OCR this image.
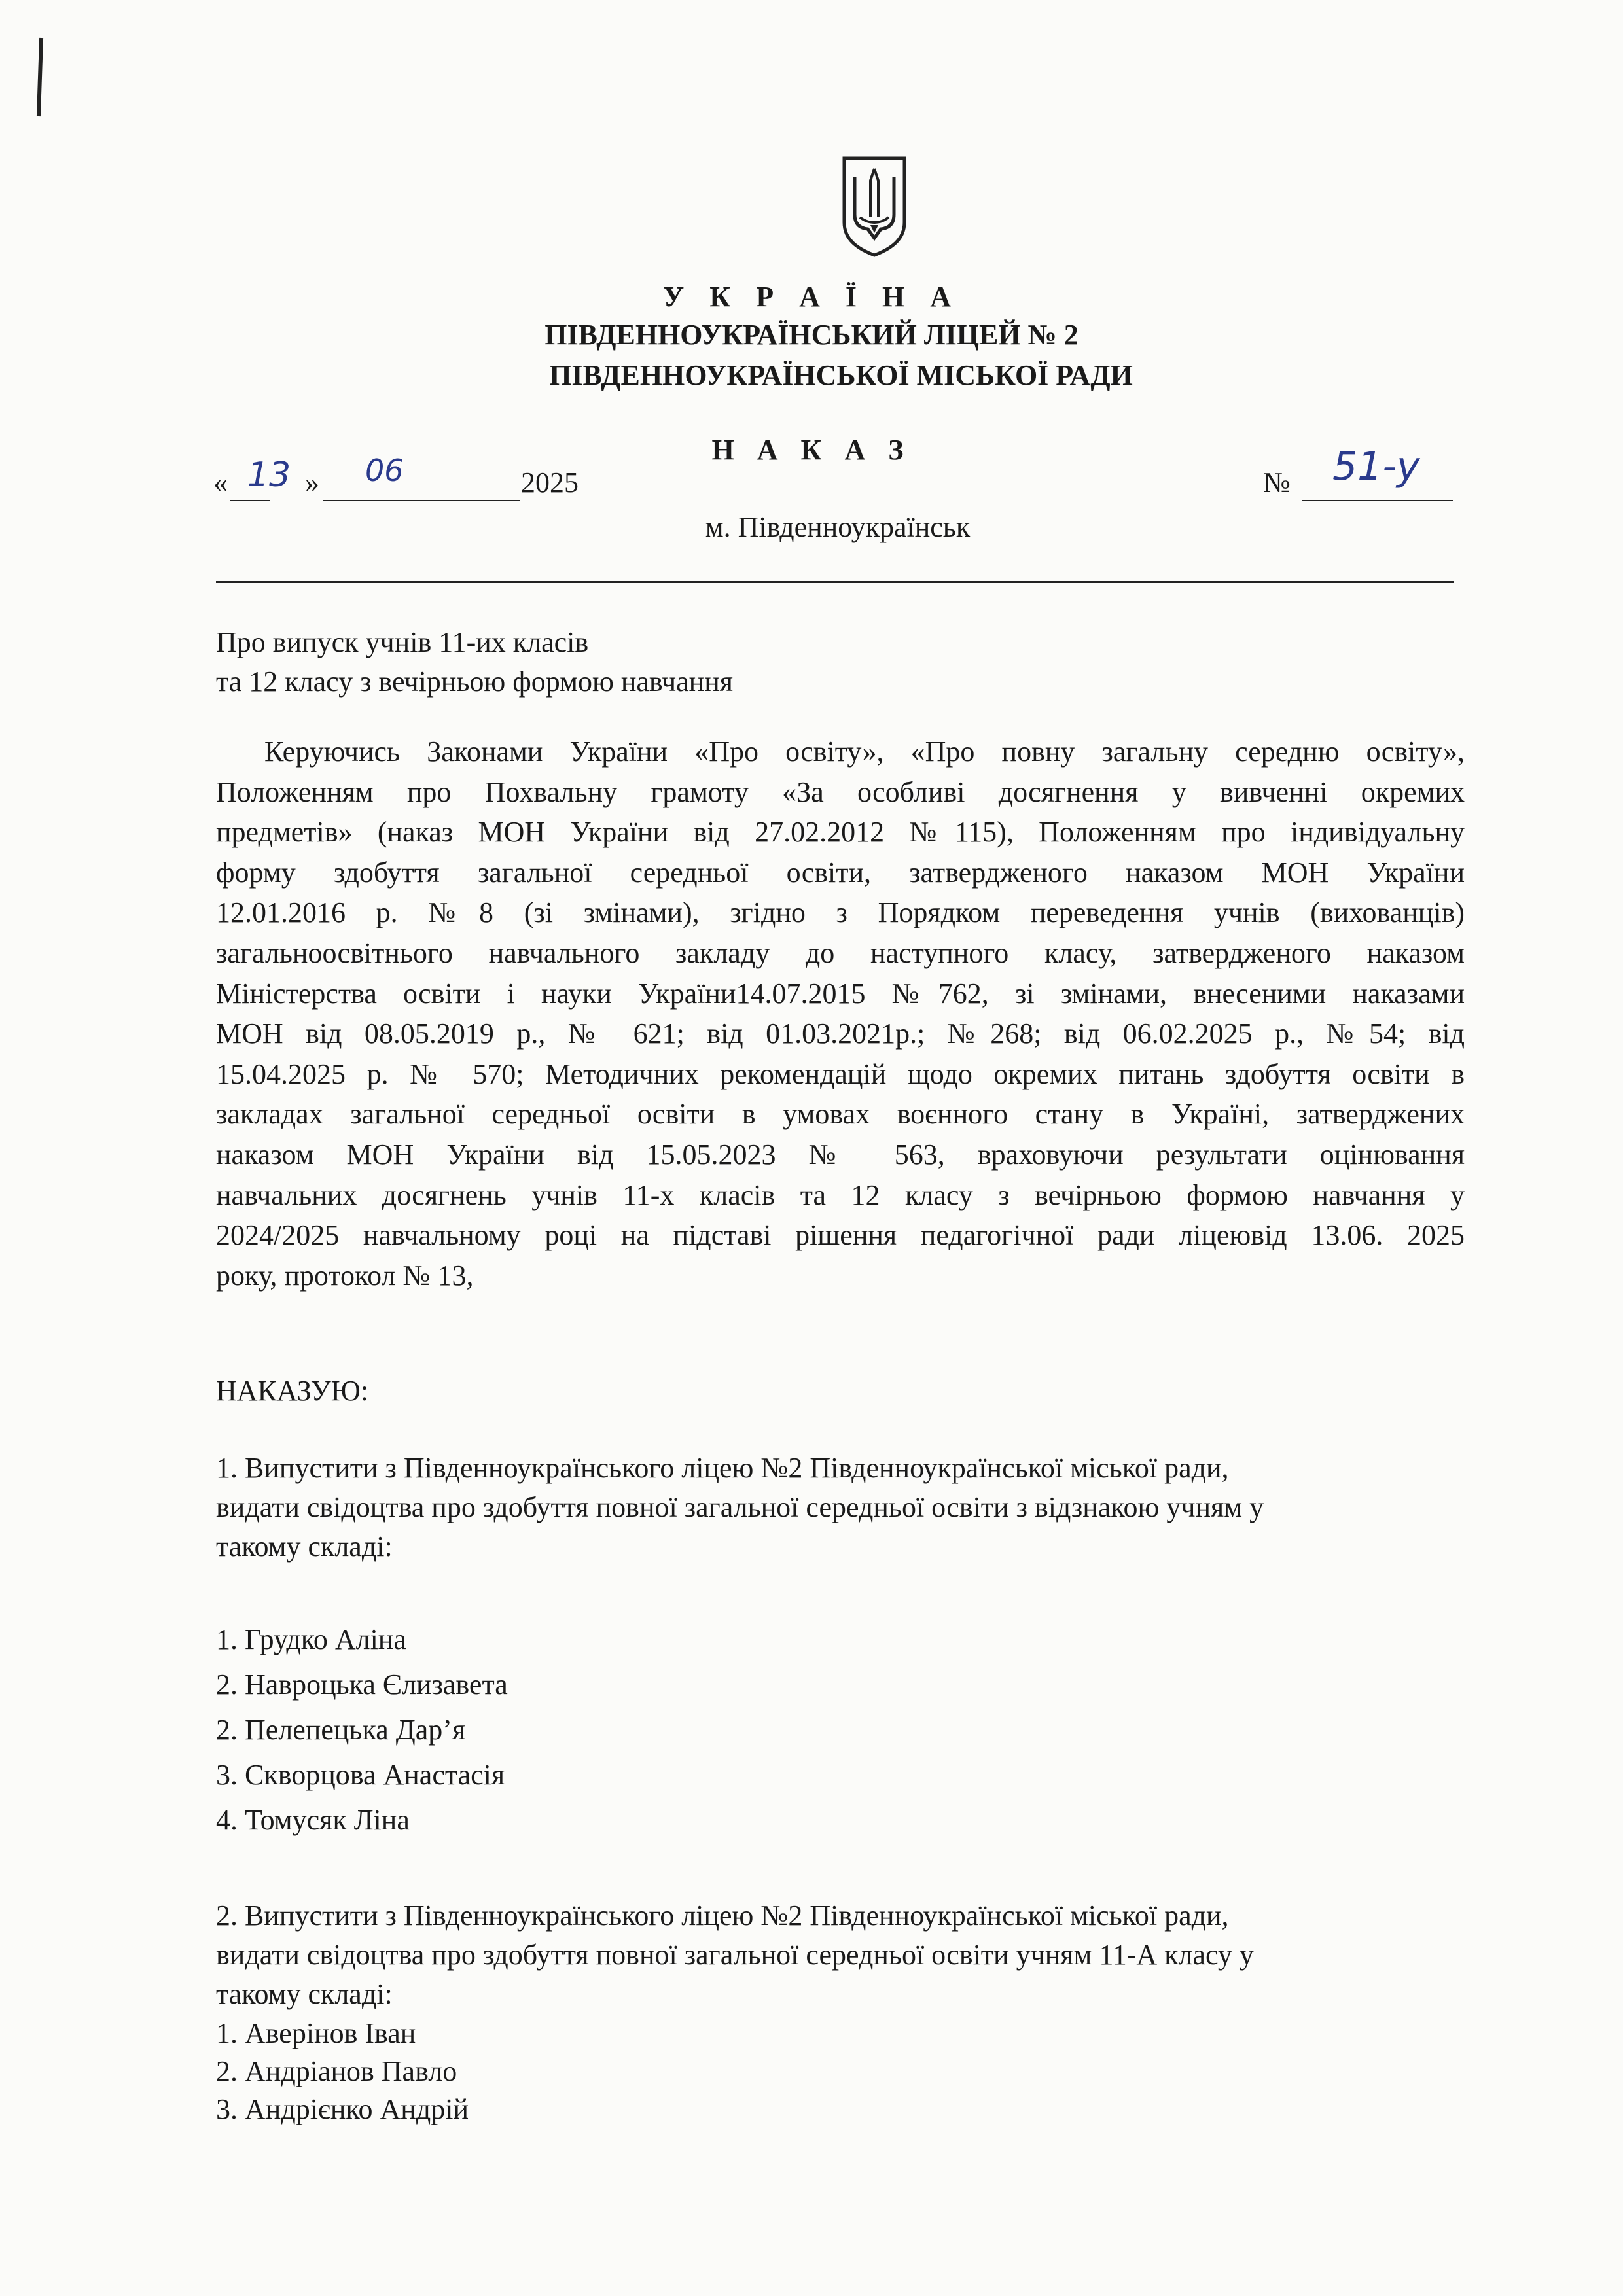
У К Р А Ї Н А
ПІВДЕННОУКРАЇНСЬКИЙ ЛІЦЕЙ № 2
ПІВДЕННОУКРАЇНСЬКОЇ МІСЬКОЇ РАДИ
Н А К А З
« 13 » 06	2025	№ 51-у
м. Південноукраїнськ
Про випуск учнів 11-их класів
та 12 класу з вечірньою формою навчання
Керуючись Законами України «Про освіту», «Про повну загальну середню освіту»,
Положенням про Похвальну грамоту «За особливі досягнення у вивченні окремих
предметів» (наказ МОН України від 27.02.2012 №115), Положенням про індивідуальну
форму здобуття загальної середньої освіти, затвердженого наказом МОН України
12.01.2016 р. №8 (зі змінами), згідно з Порядком переведення учнів (вихованців)
загальноосвітнього навчального закладу до наступного класу, затвердженого наказом
Міністерства освіти і науки України14.07.2015 №762, зі змінами, внесеними наказами
МОН від 08.05.2019 р., № 621; від 01.03.2021р.; №268; від 06.02.2025 р., №54; від
15.04.2025 р. № 570; Методичних рекомендацій щодо окремих питань здобуття освіти в
закладах загальної середньої освіти в умовах воєнного стану в Україні, затверджених
наказом МОН України від 15.05.2023 № 563, враховуючи результати оцінювання
навчальних досягнень учнів 11-х класів та 12 класу з вечірньою формою навчання у
2024/2025 навчальному році на підставі рішення педагогічної ради ліцеювід 13.06. 2025
року, протокол № 13,
НАКАЗУЮ:
1. Випустити з Південноукраїнського ліцею №2 Південноукраїнської міської ради,
видати свідоцтва про здобуття повної загальної середньої освіти з відзнакою учням у
такому складі:
1. Грудко Аліна
2. Навроцька Єлизавета
2. Пелепецька Дар’я
3. Скворцова Анастасія
4. Томусяк Ліна
2. Випустити з Південноукраїнського ліцею №2 Південноукраїнської міської ради,
видати свідоцтва про здобуття повної загальної середньої освіти учням 11-А класу у
такому складі:
1. Аверінов Іван
2. Андріанов Павло
3. Андрієнко Андрій
